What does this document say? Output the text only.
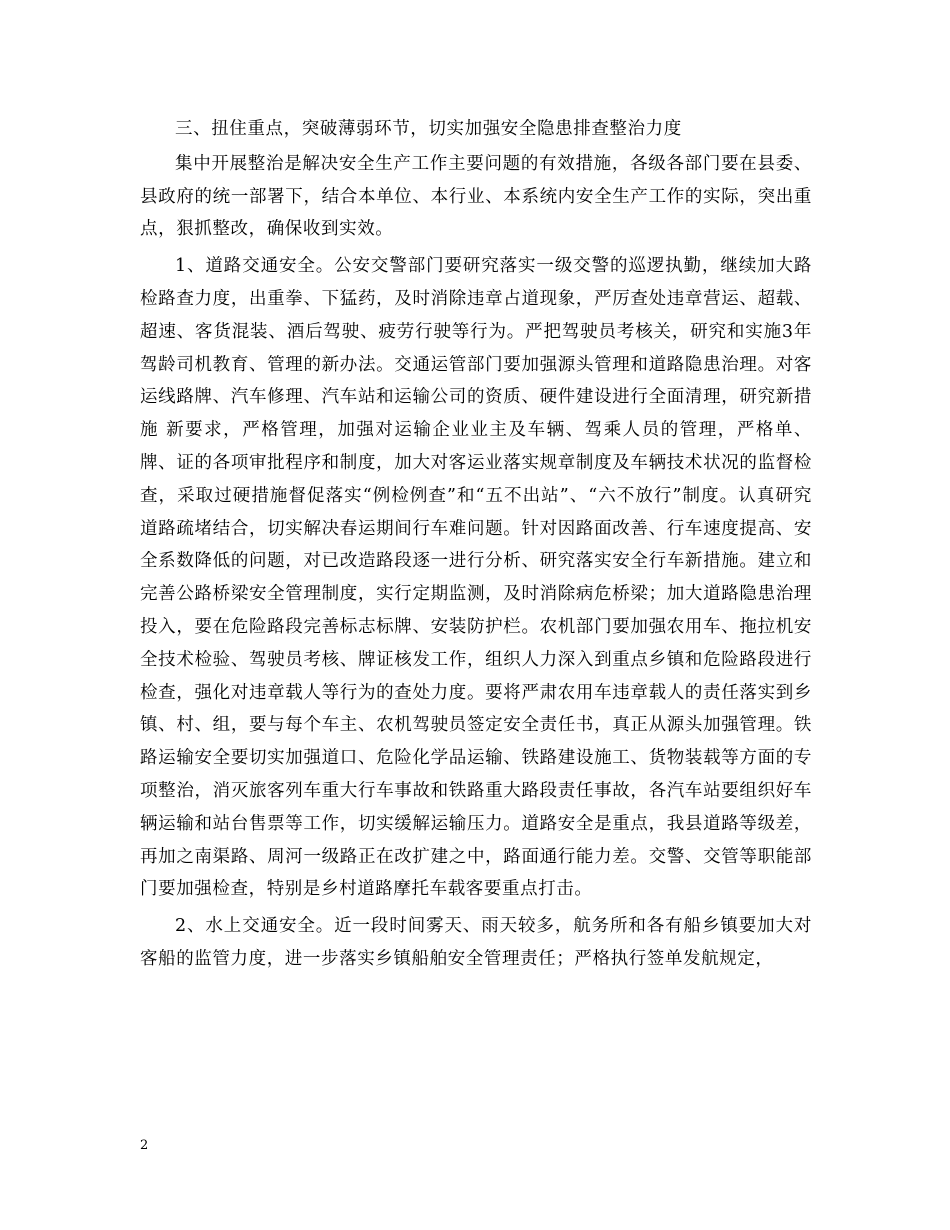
三、扭住重点，突破薄弱环节，切实加强安全隐患排查整治力度

集中开展整治是解决安全生产工作主要问题的有效措施，各级各部门要在县委、县政府的统一部署下，结合本单位、本行业、本系统内安全生产工作的实际，突出重点，狠抓整改，确保收到实效。

1、道路交通安全。公安交警部门要研究落实一级交警的巡逻执勤，继续加大路检路查力度，出重拳、下猛药，及时消除违章占道现象，严厉查处违章营运、超载、超速、客货混装、酒后驾驶、疲劳行驶等行为。严把驾驶员考核关，研究和实施3年驾龄司机教育、管理的新办法。交通运管部门要加强源头管理和道路隐患治理。对客运线路牌、汽车修理、汽车站和运输公司的资质、硬件建设进行全面清理，研究新措施 新要求，严格管理，加强对运输企业业主及车辆、驾乘人员的管理，严格单、牌、证的各项审批程序和制度，加大对客运业落实规章制度及车辆技术状况的监督检查，采取过硬措施督促落实“例检例查”和“五不出站”、“六不放行”制度。认真研究道路疏堵结合，切实解决春运期间行车难问题。针对因路面改善、行车速度提高、安全系数降低的问题，对已改造路段逐一进行分析、研究落实安全行车新措施。建立和完善公路桥梁安全管理制度，实行定期监测，及时消除病危桥梁；加大道路隐患治理投入，要在危险路段完善标志标牌、安装防护栏。农机部门要加强农用车、拖拉机安全技术检验、驾驶员考核、牌证核发工作，组织人力深入到重点乡镇和危险路段进行检查，强化对违章载人等行为的查处力度。要将严肃农用车违章载人的责任落实到乡镇、村、组，要与每个车主、农机驾驶员签定安全责任书，真正从源头加强管理。铁路运输安全要切实加强道口、危险化学品运输、铁路建设施工、货物装载等方面的专项整治，消灭旅客列车重大行车事故和铁路重大路段责任事故，各汽车站要组织好车辆运输和站台售票等工作，切实缓解运输压力。道路安全是重点，我县道路等级差，再加之南渠路、周河一级路正在改扩建之中，路面通行能力差。交警、交管等职能部门要加强检查，特别是乡村道路摩托车载客要重点打击。

2、水上交通安全。近一段时间雾天、雨天较多，航务所和各有船乡镇要加大对客船的监管力度，进一步落实乡镇船舶安全管理责任；严格执行签单发航规定，

2
